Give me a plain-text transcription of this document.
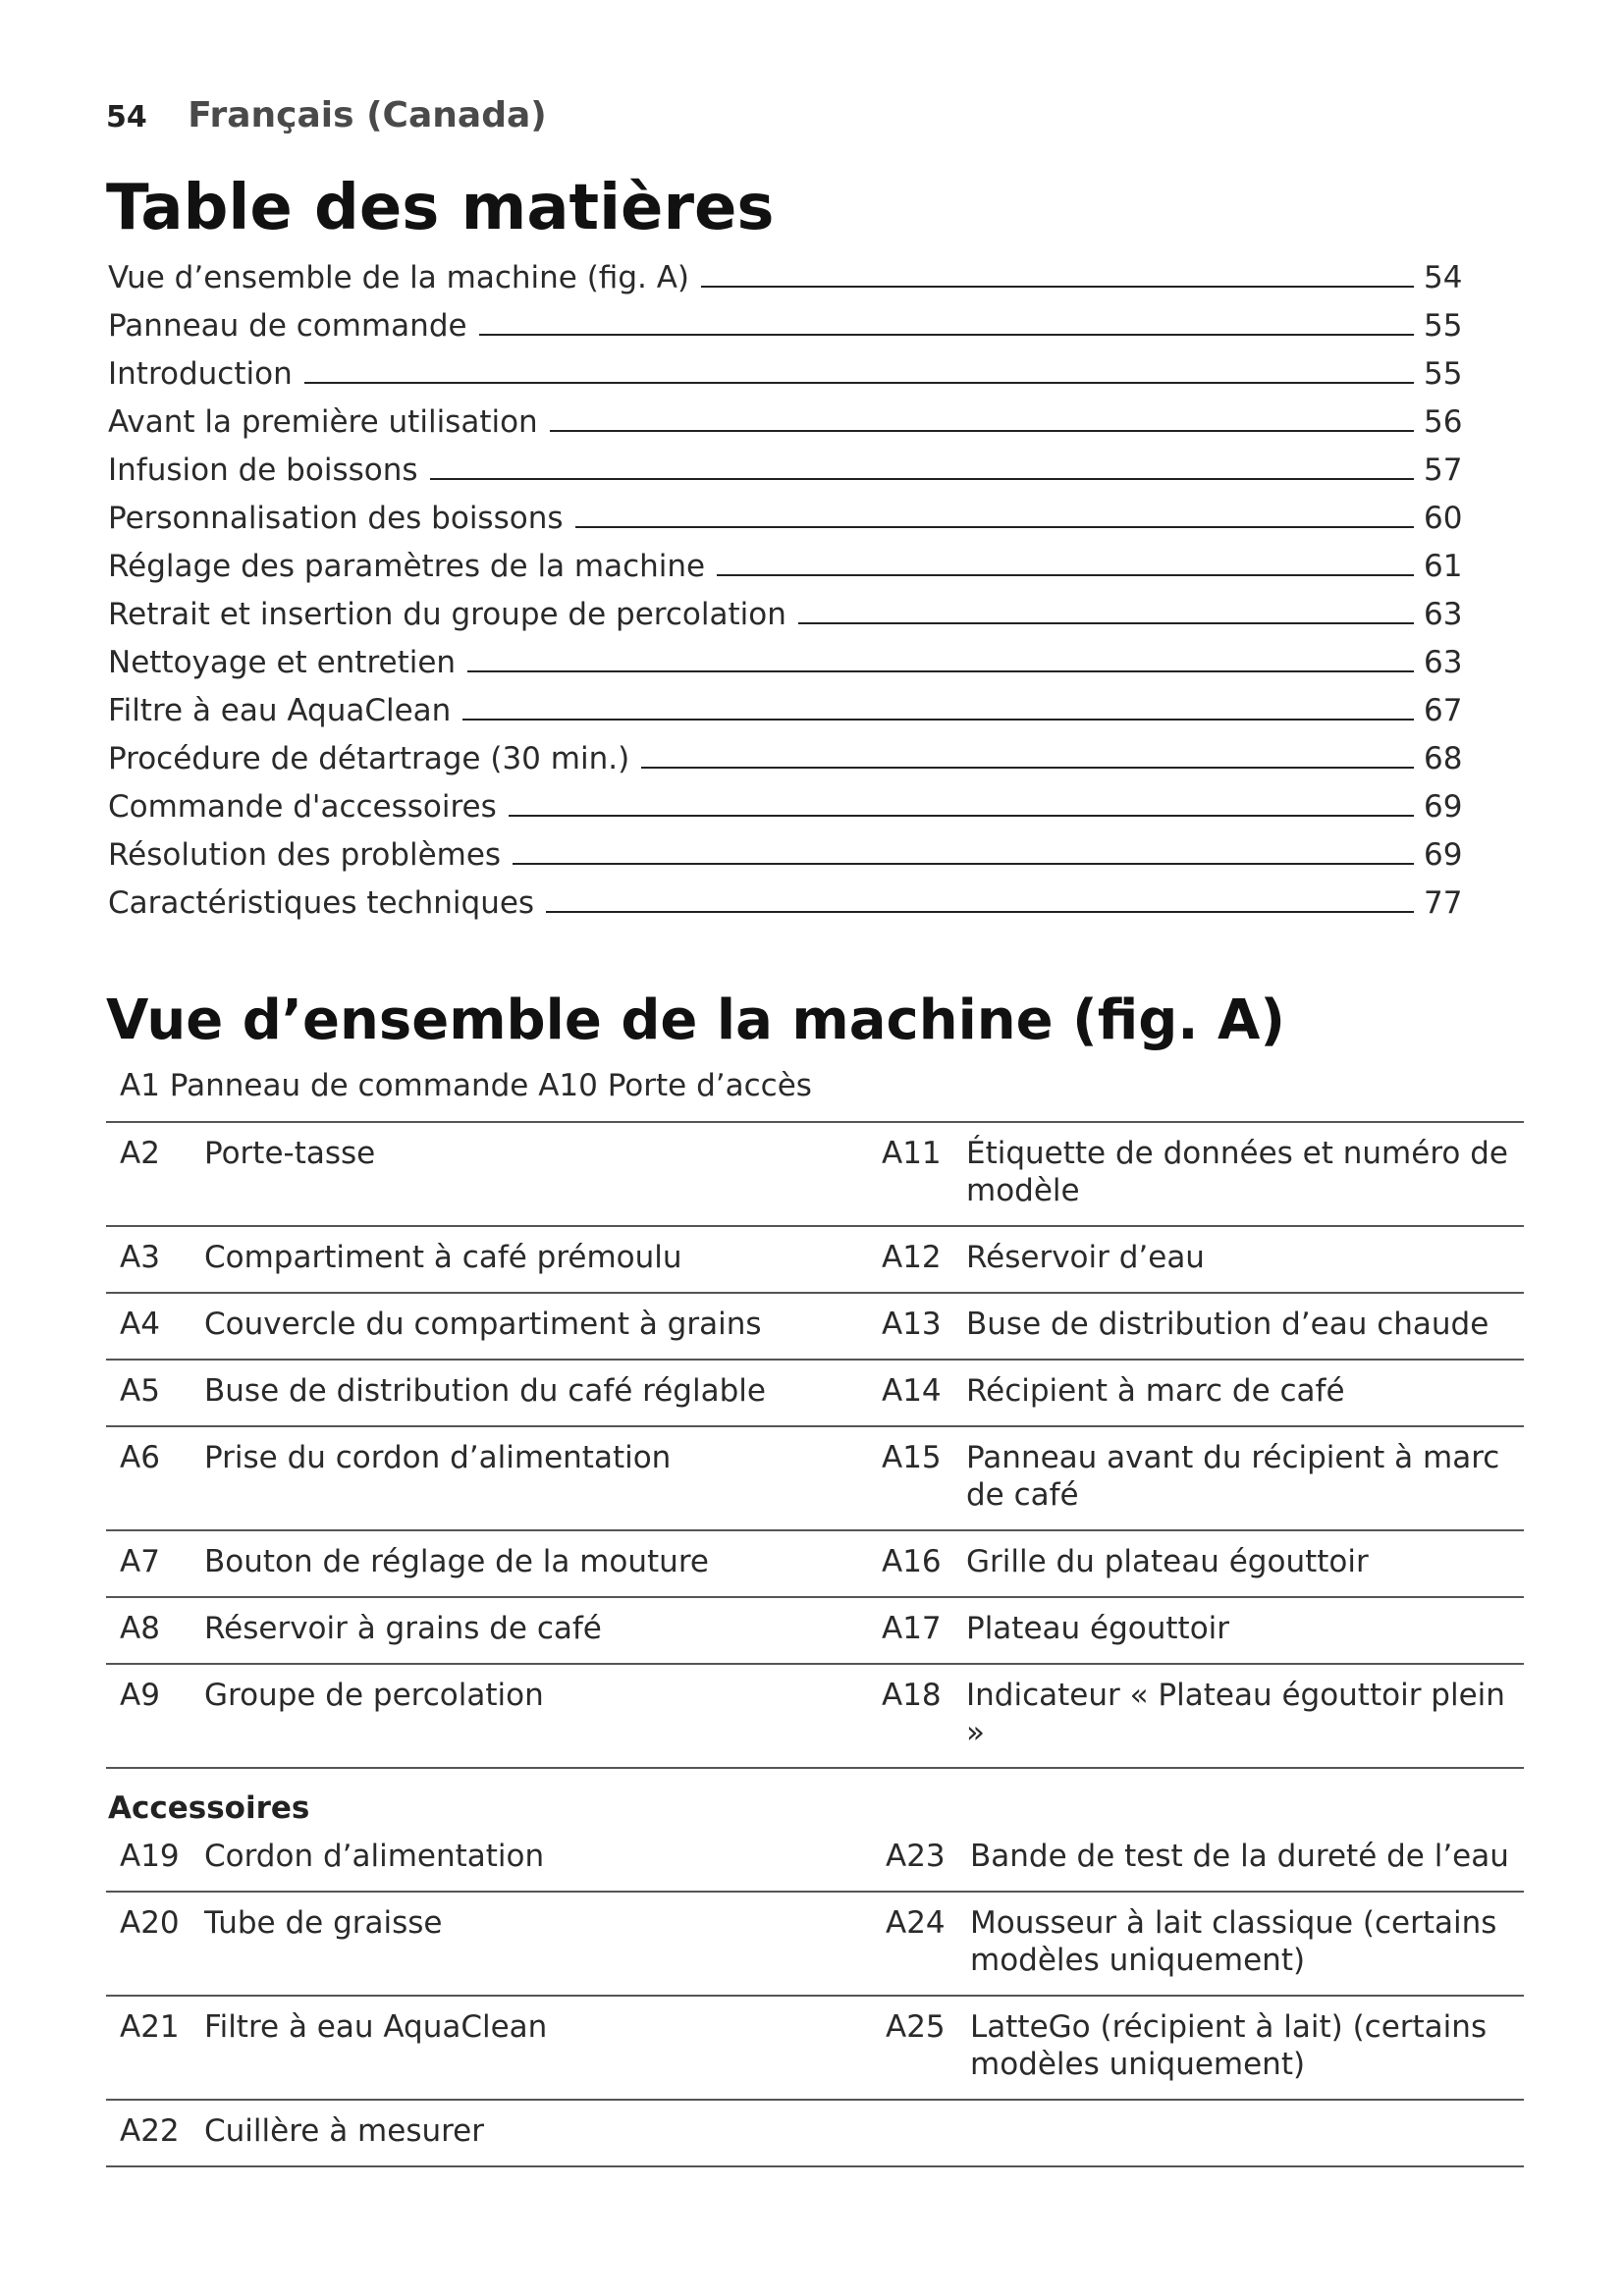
54 Français (Canada)
Table des matières
Vue d’ensemble de la machine (fig. A)	54
Panneau de commande	55
Introduction	55
Avant la première utilisation	56
Infusion de boissons	57
Personnalisation des boissons	60
Réglage des paramètres de la machine	61
Retrait et insertion du groupe de percolation	63
Nettoyage et entretien	63
Filtre à eau AquaClean	67
Procédure de détartrage (30 min.)	68
Commande d'accessoires	69
Résolution des problèmes	69
Caractéristiques techniques	77
Vue d’ensemble de la machine (fig. A)
A1 Panneau de commande A10 Porte d’accès
A2	Porte-tasse	A11 Étiquette de données et numéro de modèle
A3	Compartiment à café prémoulu	A12 Réservoir d’eau
A4	Couvercle du compartiment à grains	A13 Buse de distribution d’eau chaude
A5	Buse de distribution du café réglable	A14 Récipient à marc de café
A6	Prise du cordon d’alimentation	A15 Panneau avant du récipient à marc de café
A7	Bouton de réglage de la mouture	A16 Grille du plateau égouttoir
A8	Réservoir à grains de café	A17 Plateau égouttoir
A9	Groupe de percolation	A18 Indicateur « Plateau égouttoir plein »
Accessoires
A19 Cordon d’alimentation	A23 Bande de test de la dureté de l’eau
A20 Tube de graisse	A24 Mousseur à lait classique (certains modèles uniquement)
A21 Filtre à eau AquaClean	A25 LatteGo (récipient à lait) (certains modèles uniquement)
A22 Cuillère à mesurer
